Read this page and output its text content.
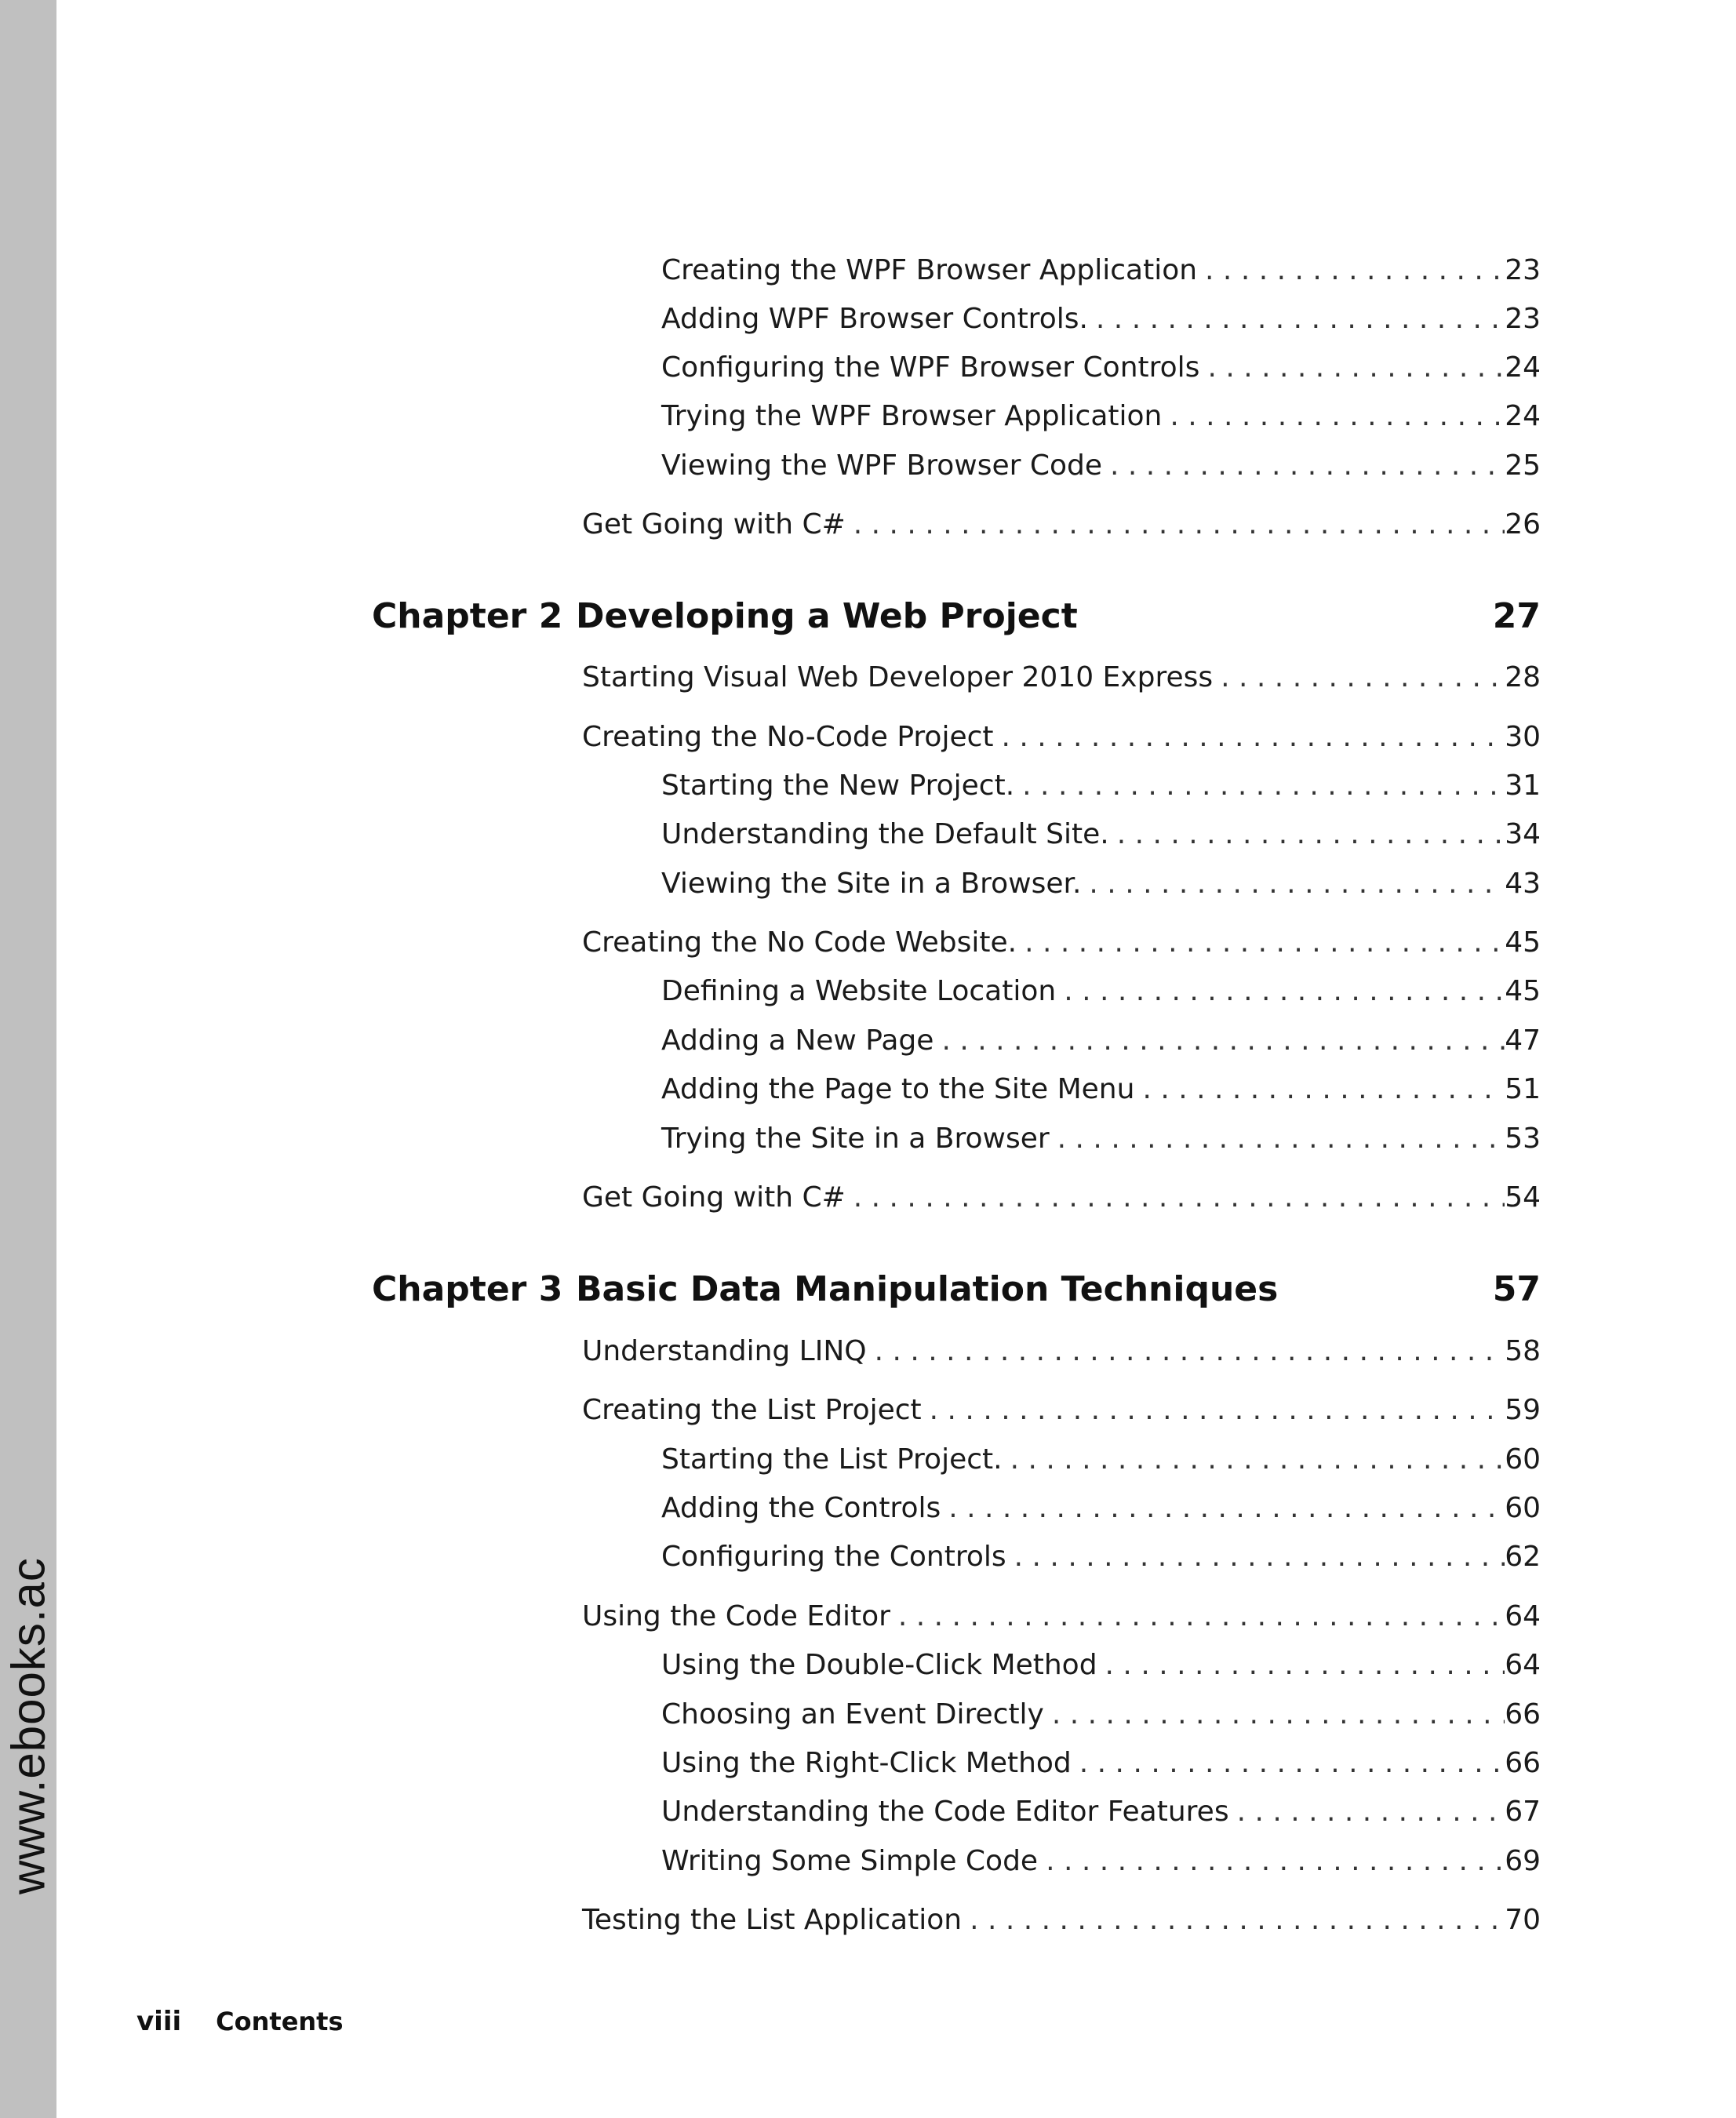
www.ebooks.ac
Creating the WPF Browser Application . . .	23
Adding WPF Browser Controls. . . .	23
Configuring the WPF Browser Controls . . .	24
Trying the WPF Browser Application . . .	24
Viewing the WPF Browser Code . . .	25
Get Going with C# . . .	26
Chapter 2 Developing a Web Project	27
Starting Visual Web Developer 2010 Express . . .	28
Creating the No-Code Project . . .	30
Starting the New Project. . . .	31
Understanding the Default Site. . . .	34
Viewing the Site in a Browser. . . .	43
Creating the No Code Website. . . .	45
Defining a Website Location . . .	45
Adding a New Page . . .	47
Adding the Page to the Site Menu . . .	51
Trying the Site in a Browser . . .	53
Get Going with C# . . .	54
Chapter 3 Basic Data Manipulation Techniques	57
Understanding LINQ . . .	58
Creating the List Project . . .	59
Starting the List Project. . . .	60
Adding the Controls . . .	60
Configuring the Controls . . .	62
Using the Code Editor . . .	64
Using the Double-Click Method . . .	64
Choosing an Event Directly . . .	66
Using the Right-Click Method . . .	66
Understanding the Code Editor Features . . .	67
Writing Some Simple Code . . .	69
Testing the List Application . . .	70
viii Contents
